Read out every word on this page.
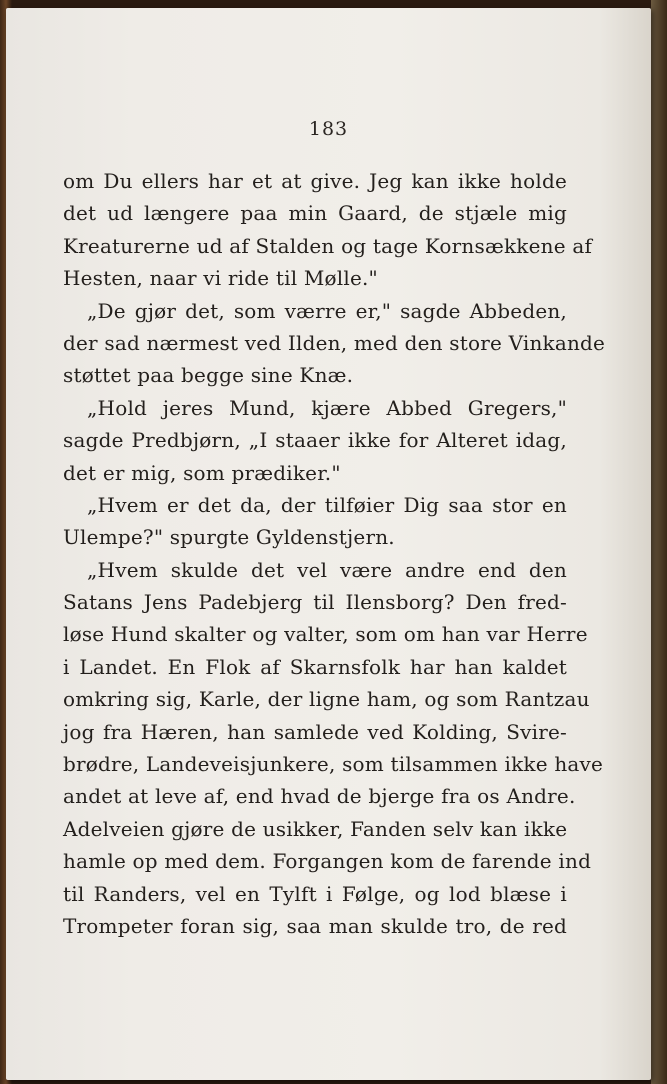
183
om Du ellers har et at give. Jeg kan ikke holde
det ud længere paa min Gaard, de stjæle mig
Kreaturerne ud af Stalden og tage Kornsækkene af
Hesten, naar vi ride til Mølle."
„De gjør det, som værre er," sagde Abbeden,
der sad nærmest ved Ilden, med den store Vinkande
støttet paa begge sine Knæ.
„Hold jeres Mund, kjære Abbed Gregers,"
sagde Predbjørn, „I staaer ikke for Alteret idag,
det er mig, som prædiker."
„Hvem er det da, der tilføier Dig saa stor en
Ulempe?" spurgte Gyldenstjern.
„Hvem skulde det vel være andre end den
Satans Jens Padebjerg til Ilensborg? Den fred-
løse Hund skalter og valter, som om han var Herre
i Landet. En Flok af Skarnsfolk har han kaldet
omkring sig, Karle, der ligne ham, og som Rantzau
jog fra Hæren, han samlede ved Kolding, Svire-
brødre, Landeveisjunkere, som tilsammen ikke have
andet at leve af, end hvad de bjerge fra os Andre.
Adelveien gjøre de usikker, Fanden selv kan ikke
hamle op med dem. Forgangen kom de farende ind
til Randers, vel en Tylft i Følge, og lod blæse i
Trompeter foran sig, saa man skulde tro, de red
